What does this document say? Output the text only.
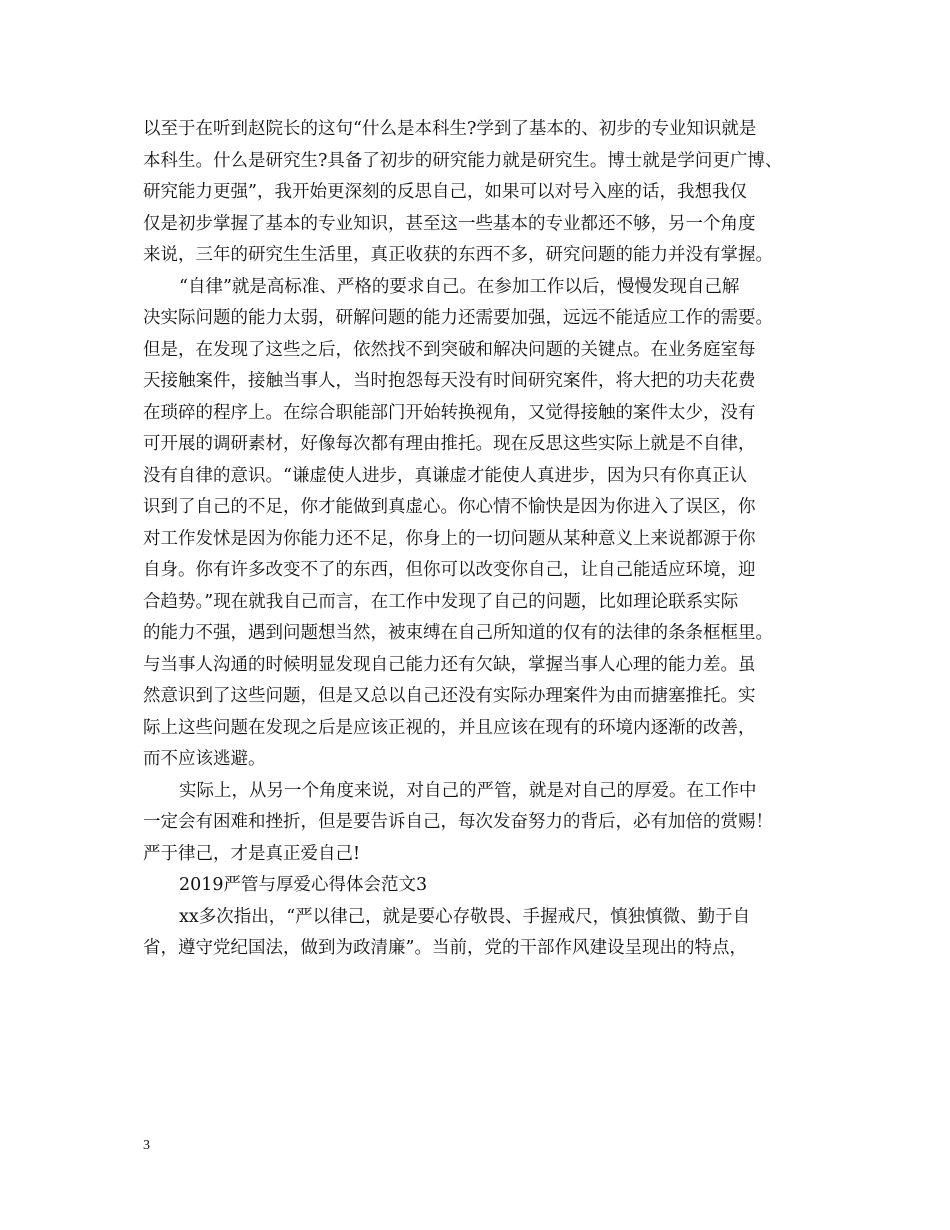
以至于在听到赵院长的这句“什么是本科生?学到了基本的、初步的专业知识就是
本科生。什么是研究生?具备了初步的研究能力就是研究生。博士就是学问更广博、
研究能力更强”，我开始更深刻的反思自己，如果可以对号入座的话，我想我仅
仅是初步掌握了基本的专业知识，甚至这一些基本的专业都还不够，另一个角度
来说，三年的研究生生活里，真正收获的东西不多，研究问题的能力并没有掌握。
“自律”就是高标准、严格的要求自己。在参加工作以后，慢慢发现自己解
决实际问题的能力太弱，研解问题的能力还需要加强，远远不能适应工作的需要。
但是，在发现了这些之后，依然找不到突破和解决问题的关键点。在业务庭室每
天接触案件，接触当事人，当时抱怨每天没有时间研究案件，将大把的功夫花费
在琐碎的程序上。在综合职能部门开始转换视角，又觉得接触的案件太少，没有
可开展的调研素材，好像每次都有理由推托。现在反思这些实际上就是不自律，
没有自律的意识。“谦虚使人进步，真谦虚才能使人真进步，因为只有你真正认
识到了自己的不足，你才能做到真虚心。你心情不愉快是因为你进入了误区，你
对工作发怵是因为你能力还不足，你身上的一切问题从某种意义上来说都源于你
自身。你有许多改变不了的东西，但你可以改变你自己，让自己能适应环境，迎
合趋势。”现在就我自己而言，在工作中发现了自己的问题，比如理论联系实际
的能力不强，遇到问题想当然，被束缚在自己所知道的仅有的法律的条条框框里。
与当事人沟通的时候明显发现自己能力还有欠缺，掌握当事人心理的能力差。虽
然意识到了这些问题，但是又总以自己还没有实际办理案件为由而搪塞推托。实
际上这些问题在发现之后是应该正视的，并且应该在现有的环境内逐渐的改善，
而不应该逃避。
实际上，从另一个角度来说，对自己的严管，就是对自己的厚爱。在工作中
一定会有困难和挫折，但是要告诉自己，每次发奋努力的背后，必有加倍的赏赐！
严于律己，才是真正爱自己!
2019严管与厚爱心得体会范文3
xx多次指出，“严以律己，就是要心存敬畏、手握戒尺，慎独慎微、勤于自
省，遵守党纪国法，做到为政清廉”。当前，党的干部作风建设呈现出的特点，
3
